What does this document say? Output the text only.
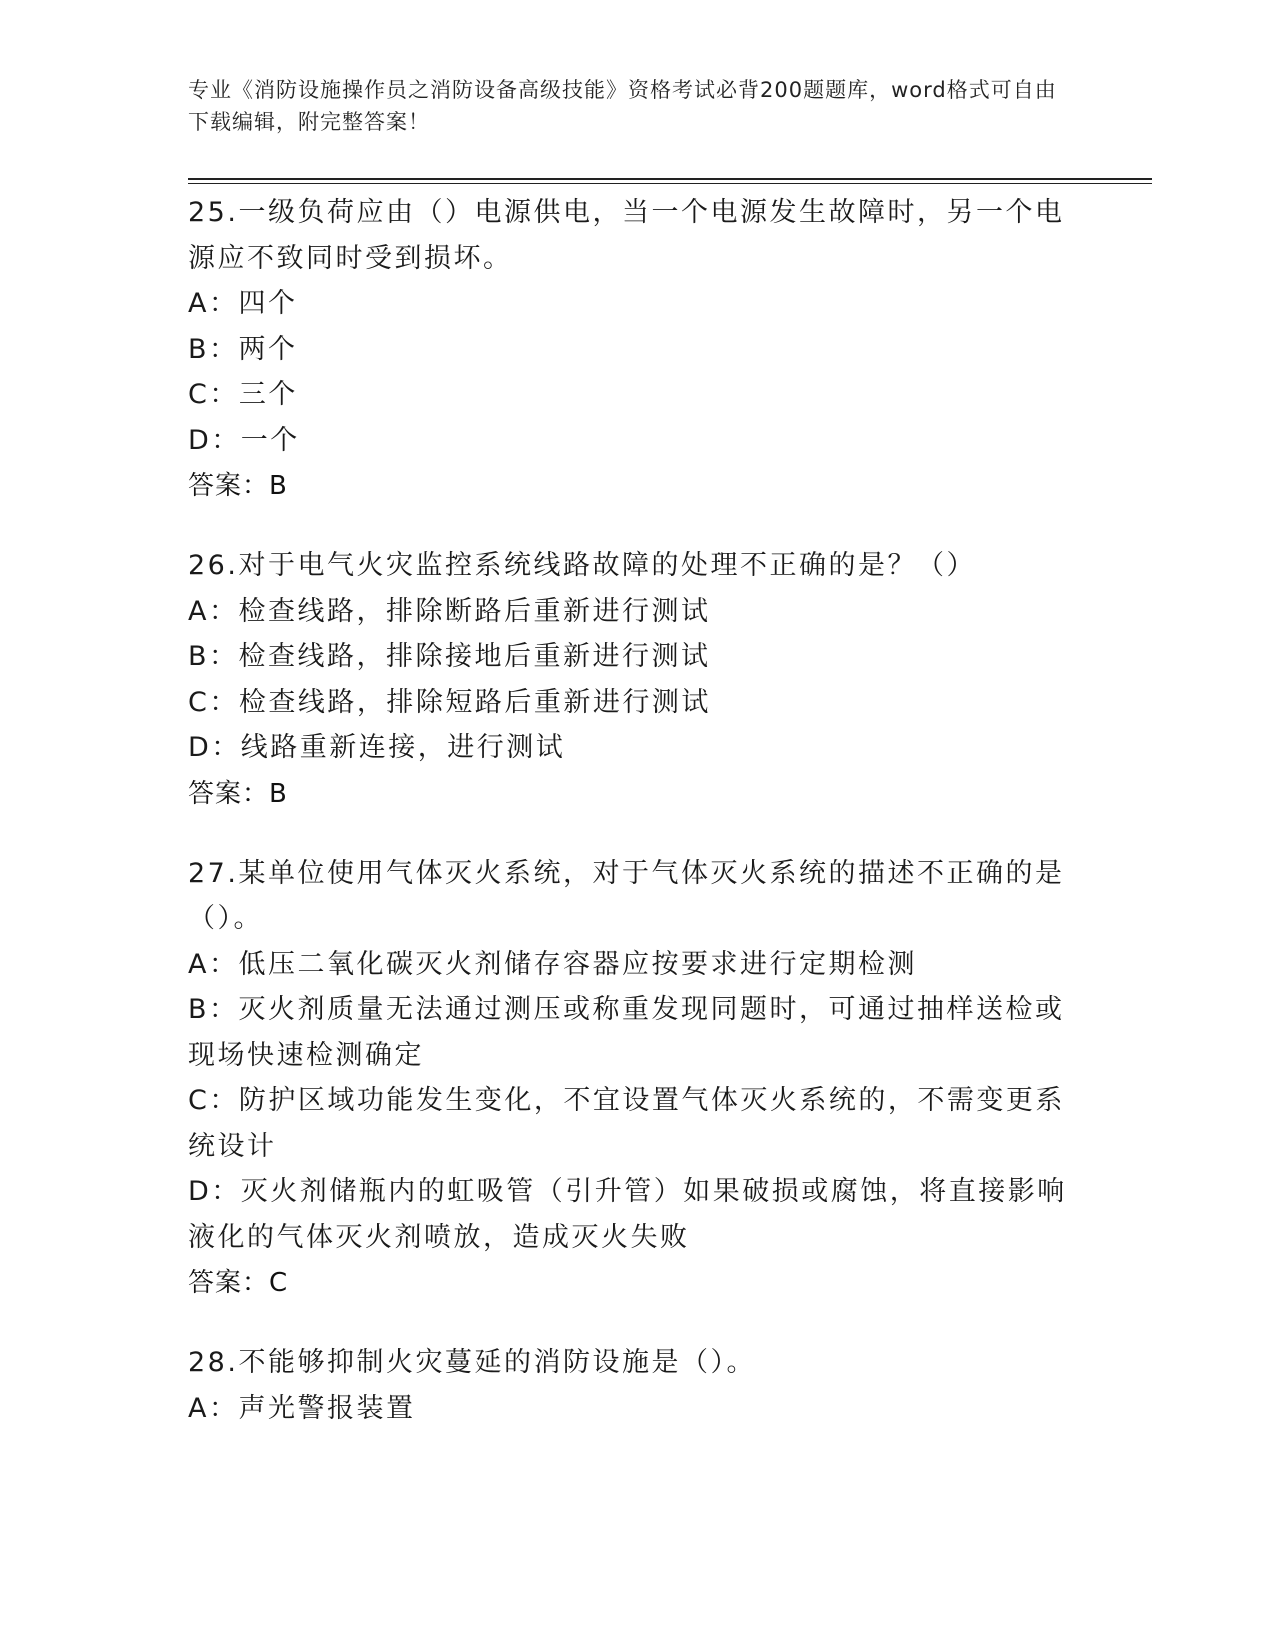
专业《消防设施操作员之消防设备高级技能》资格考试必背200题题库，word格式可自由下载编辑，附完整答案！

25.一级负荷应由（）电源供电，当一个电源发生故障时，另一个电源应不致同时受到损坏。

A：四个

B：两个

C：三个

D：一个

答案：B

26.对于电气火灾监控系统线路故障的处理不正确的是？（）

A：检查线路，排除断路后重新进行测试

B：检查线路，排除接地后重新进行测试

C：检查线路，排除短路后重新进行测试

D：线路重新连接，进行测试

答案：B

27.某单位使用气体灭火系统，对于气体灭火系统的描述不正确的是（）。

A：低压二氧化碳灭火剂储存容器应按要求进行定期检测

B：灭火剂质量无法通过测压或称重发现同题时，可通过抽样送检或现场快速检测确定

C：防护区域功能发生变化，不宜设置气体灭火系统的，不需变更系统设计

D：灭火剂储瓶内的虹吸管（引升管）如果破损或腐蚀，将直接影响液化的气体灭火剂喷放，造成灭火失败

答案：C

28.不能够抑制火灾蔓延的消防设施是（）。

A：声光警报装置
